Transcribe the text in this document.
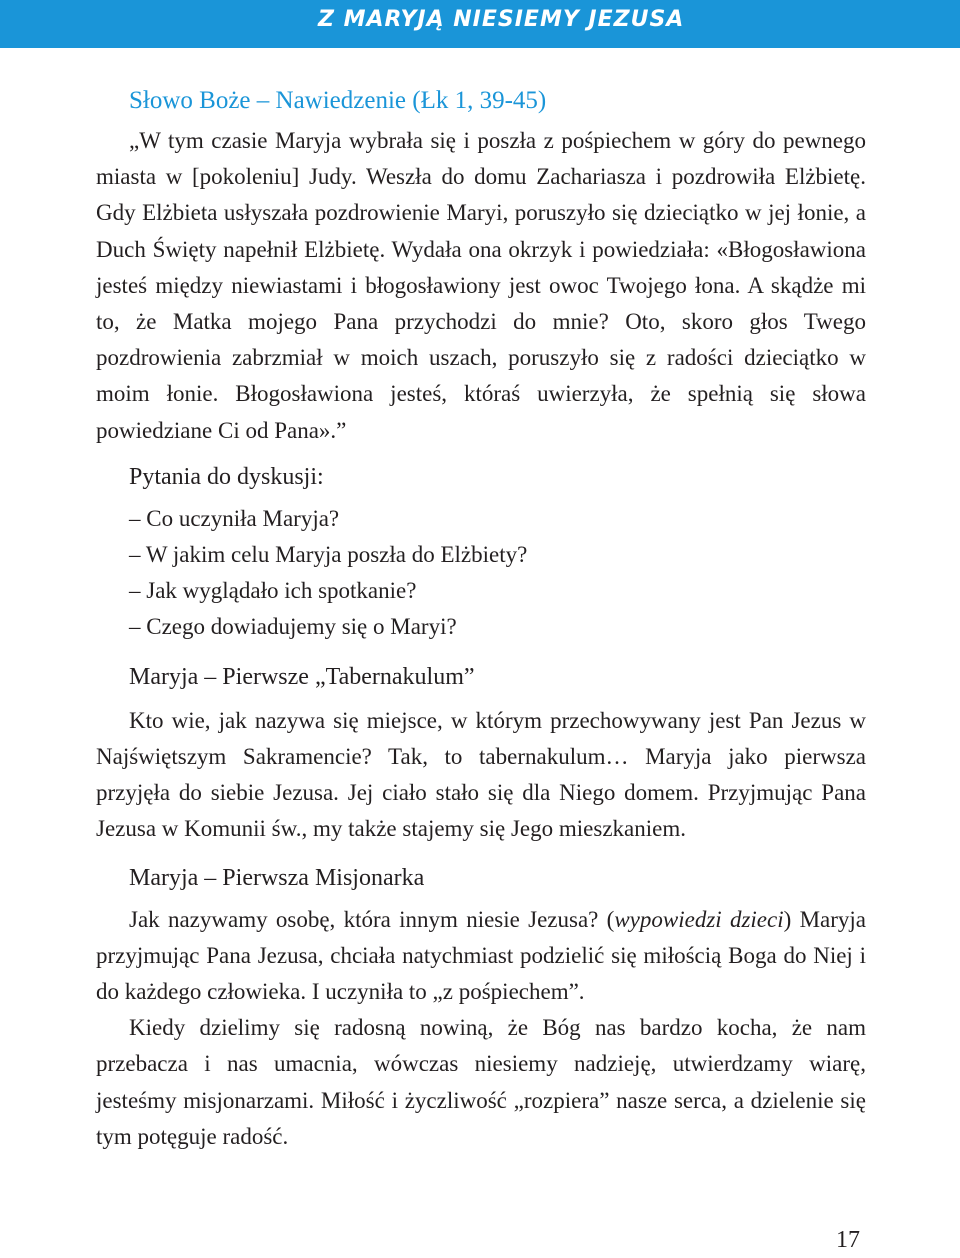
Z MARYJĄ NIESIEMY JEZUSA
Słowo Boże – Nawiedzenie (Łk 1, 39-45)

„W tym czasie Maryja wybrała się i poszła z pośpiechem w góry do pewnego miasta w [pokoleniu] Judy. Weszła do domu Zachariasza i pozdrowiła Elżbietę. Gdy Elżbieta usłyszała pozdrowienie Maryi, poruszyło się dzieciątko w jej łonie, a Duch Święty napełnił Elżbietę. Wydała ona okrzyk i powiedziała: «Błogosławiona jesteś między niewiastami i błogosławiony jest owoc Twojego łona. A skądże mi to, że Matka mojego Pana przychodzi do mnie? Oto, skoro głos Twego pozdrowienia zabrzmiał w moich uszach, poruszyło się z radości dzieciątko w moim łonie. Błogosławiona jesteś, któraś uwierzyła, że spełnią się słowa powiedziane Ci od Pana».”

Pytania do dyskusji:
– Co uczyniła Maryja?
– W jakim celu Maryja poszła do Elżbiety?
– Jak wyglądało ich spotkanie?
– Czego dowiadujemy się o Maryi?
Maryja – Pierwsze „Tabernakulum”

Kto wie, jak nazywa się miejsce, w którym przechowywany jest Pan Jezus w Najświętszym Sakramencie? Tak, to tabernakulum… Maryja jako pierwsza przyjęła do siebie Jezusa. Jej ciało stało się dla Niego domem. Przyjmując Pana Jezusa w Komunii św., my także stajemy się Jego mieszkaniem.

Maryja – Pierwsza Misjonarka

Jak nazywamy osobę, która innym niesie Jezusa? (wypowiedzi dzieci) Maryja przyjmując Pana Jezusa, chciała natychmiast podzielić się miłością Boga do Niej i do każdego człowieka. I uczyniła to „z pośpiechem”.

Kiedy dzielimy się radosną nowiną, że Bóg nas bardzo kocha, że nam przebacza i nas umacnia, wówczas niesiemy nadzieję, utwierdzamy wiarę, jesteśmy misjonarzami. Miłość i życzliwość „rozpiera” nasze serca, a dzielenie się tym potęguje radość.

17
